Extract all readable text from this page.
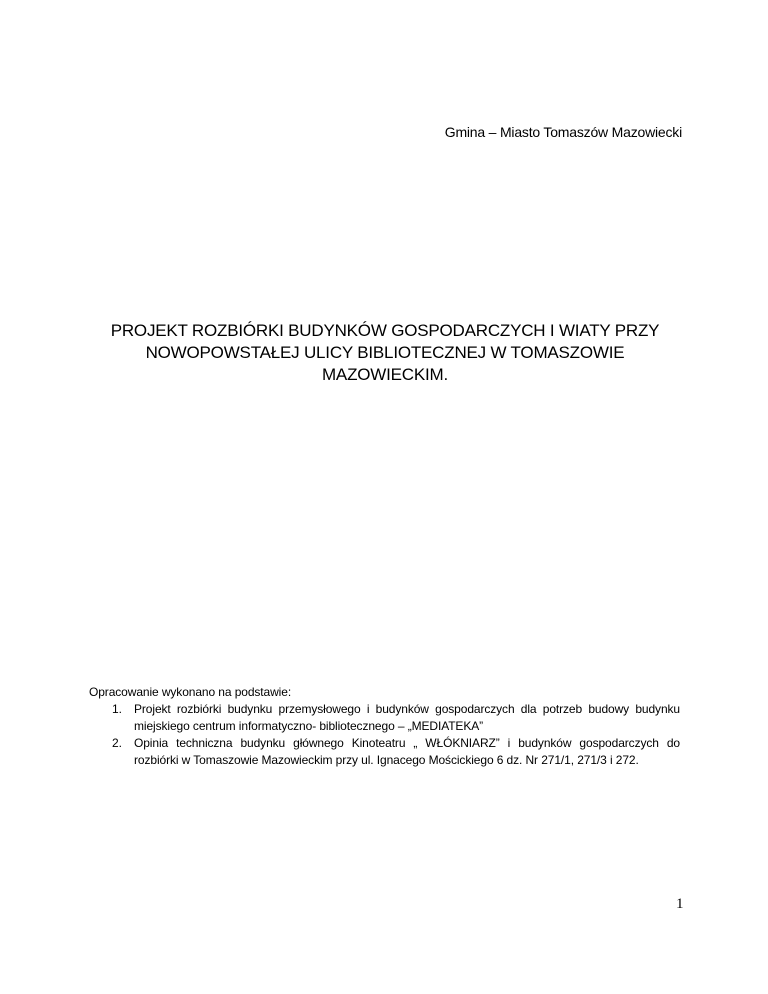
Gmina – Miasto Tomaszów Mazowiecki
PROJEKT ROZBIÓRKI BUDYNKÓW GOSPODARCZYCH I WIATY PRZY
NOWOPOWSTAŁEJ ULICY BIBLIOTECZNEJ W TOMASZOWIE
MAZOWIECKIM.
Opracowanie wykonano na podstawie:
1. Projekt rozbiórki budynku przemysłowego i budynków gospodarczych dla potrzeb budowy budynku miejskiego centrum informatyczno- bibliotecznego – „MEDIATEKA”
2. Opinia techniczna budynku głównego Kinoteatru „ WŁÓKNIARZ” i budynków gospodarczych do rozbiórki w Tomaszowie Mazowieckim przy ul. Ignacego Mościckiego 6 dz. Nr 271/1, 271/3 i 272.
1
